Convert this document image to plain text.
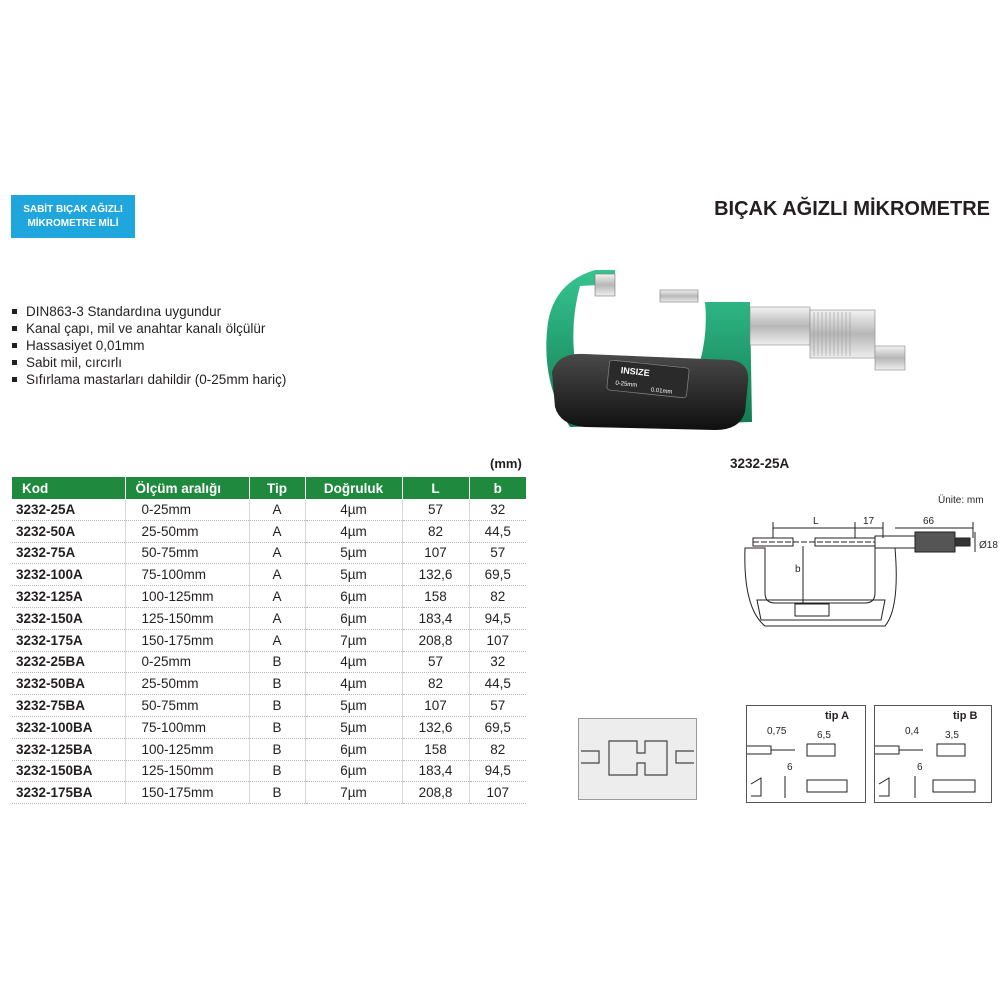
SABİT BIÇAK AĞIZLI
MİKROMETRE MİLİ
BIÇAK AĞIZLI MİKROMETRE
DIN863-3 Standardına uygundur
Kanal çapı, mil ve anahtar kanalı ölçülür
Hassasiyet 0,01mm
Sabit mil, cırcırlı
Sıfırlama mastarları dahildir (0-25mm hariç)
INSIZE
0-25mm
0.01mm
3232-25A
(mm)
Kod	Ölçüm aralığı	Tip	Doğruluk	L	b
3232-25A	0-25mm	A	4µm	57	32
3232-50A	25-50mm	A	4µm	82	44,5
3232-75A	50-75mm	A	5µm	107	57
3232-100A	75-100mm	A	5µm	132,6	69,5
3232-125A	100-125mm	A	6µm	158	82
3232-150A	125-150mm	A	6µm	183,4	94,5
3232-175A	150-175mm	A	7µm	208,8	107
3232-25BA	0-25mm	B	4µm	57	32
3232-50BA	25-50mm	B	4µm	82	44,5
3232-75BA	50-75mm	B	5µm	107	57
3232-100BA	75-100mm	B	5µm	132,6	69,5
3232-125BA	100-125mm	B	6µm	158	82
3232-150BA	125-150mm	B	6µm	183,4	94,5
3232-175BA	150-175mm	B	7µm	208,8	107
Ünite: mm
L	17	66
Ø18
b
tip A
0,75	6,5
6
tip B
0,4	3,5
6
